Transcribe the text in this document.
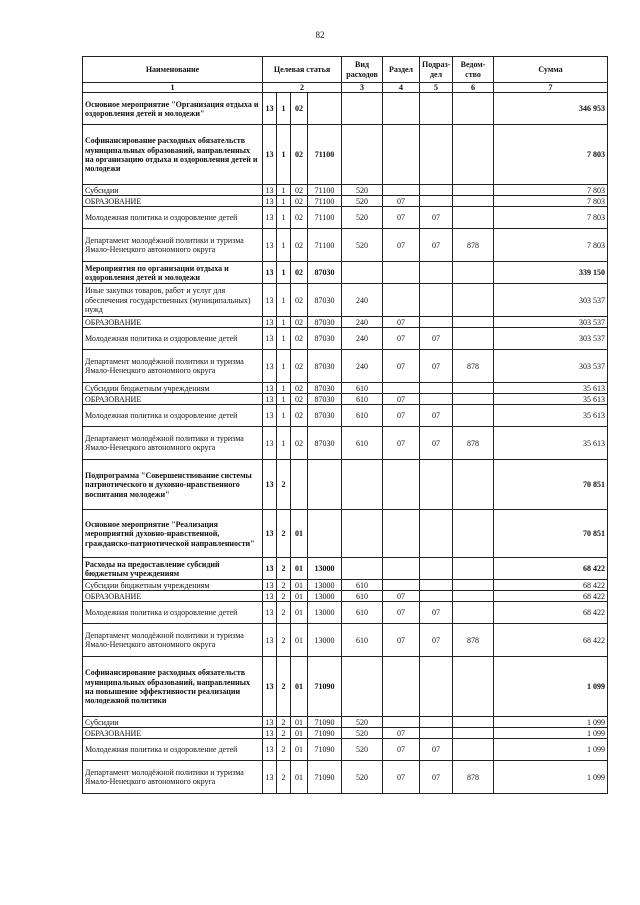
82
Наименование	Целевая статья				Вид расходов	Раздел	Подраз-дел	Ведом-ство	Сумма
1	2				3	4	5	6	7
Основное мероприятие "Организация отдыха и оздоровления детей и молодежи"	13	1	02						346 953
Софинансирование расходных обязательств муниципальных образований, направленных на организацию отдыха и оздоровления детей и молодежи	13	1	02	71100					7 803
Субсидии	13	1	02	71100	520				7 803
ОБРАЗОВАНИЕ	13	1	02	71100	520	07			7 803
Молодежная политика и оздоровление детей	13	1	02	71100	520	07	07		7 803
Департамент молодёжной политики и туризма Ямало-Ненецкого автономного округа	13	1	02	71100	520	07	07	878	7 803
Мероприятия по организации отдыха и оздоровления детей и молодежи	13	1	02	87030					339 150
Иные закупки товаров, работ и услуг для обеспечения государственных (муниципальных) нужд	13	1	02	87030	240				303 537
ОБРАЗОВАНИЕ	13	1	02	87030	240	07			303 537
Молодежная политика и оздоровление детей	13	1	02	87030	240	07	07		303 537
Департамент молодёжной политики и туризма Ямало-Ненецкого автономного округа	13	1	02	87030	240	07	07	878	303 537
Субсидии бюджетным учреждениям	13	1	02	87030	610				35 613
ОБРАЗОВАНИЕ	13	1	02	87030	610	07			35 613
Молодежная политика и оздоровление детей	13	1	02	87030	610	07	07		35 613
Департамент молодёжной политики и туризма Ямало-Ненецкого автономного округа	13	1	02	87030	610	07	07	878	35 613
Подпрограмма "Совершенствование системы патриотического и духовно-нравственного воспитания молодежи"	13	2							70 851
Основное мероприятие "Реализация мероприятий духовно-нравственной, гражданско-патриотической направленности"	13	2	01						70 851
Расходы на предоставление субсидий бюджетным учреждениям	13	2	01	13000					68 422
Субсидии бюджетным учреждениям	13	2	01	13000	610				68 422
ОБРАЗОВАНИЕ	13	2	01	13000	610	07			68 422
Молодежная политика и оздоровление детей	13	2	01	13000	610	07	07		68 422
Департамент молодёжной политики и туризма Ямало-Ненецкого автономного округа	13	2	01	13000	610	07	07	878	68 422
Софинансирование расходных обязательств муниципальных образований, направленных на повышение эффективности реализации молодежной политики	13	2	01	71090					1 099
Субсидии	13	2	01	71090	520				1 099
ОБРАЗОВАНИЕ	13	2	01	71090	520	07			1 099
Молодежная политика и оздоровление детей	13	2	01	71090	520	07	07		1 099
Департамент молодёжной политики и туризма Ямало-Ненецкого автономного округа	13	2	01	71090	520	07	07	878	1 099
